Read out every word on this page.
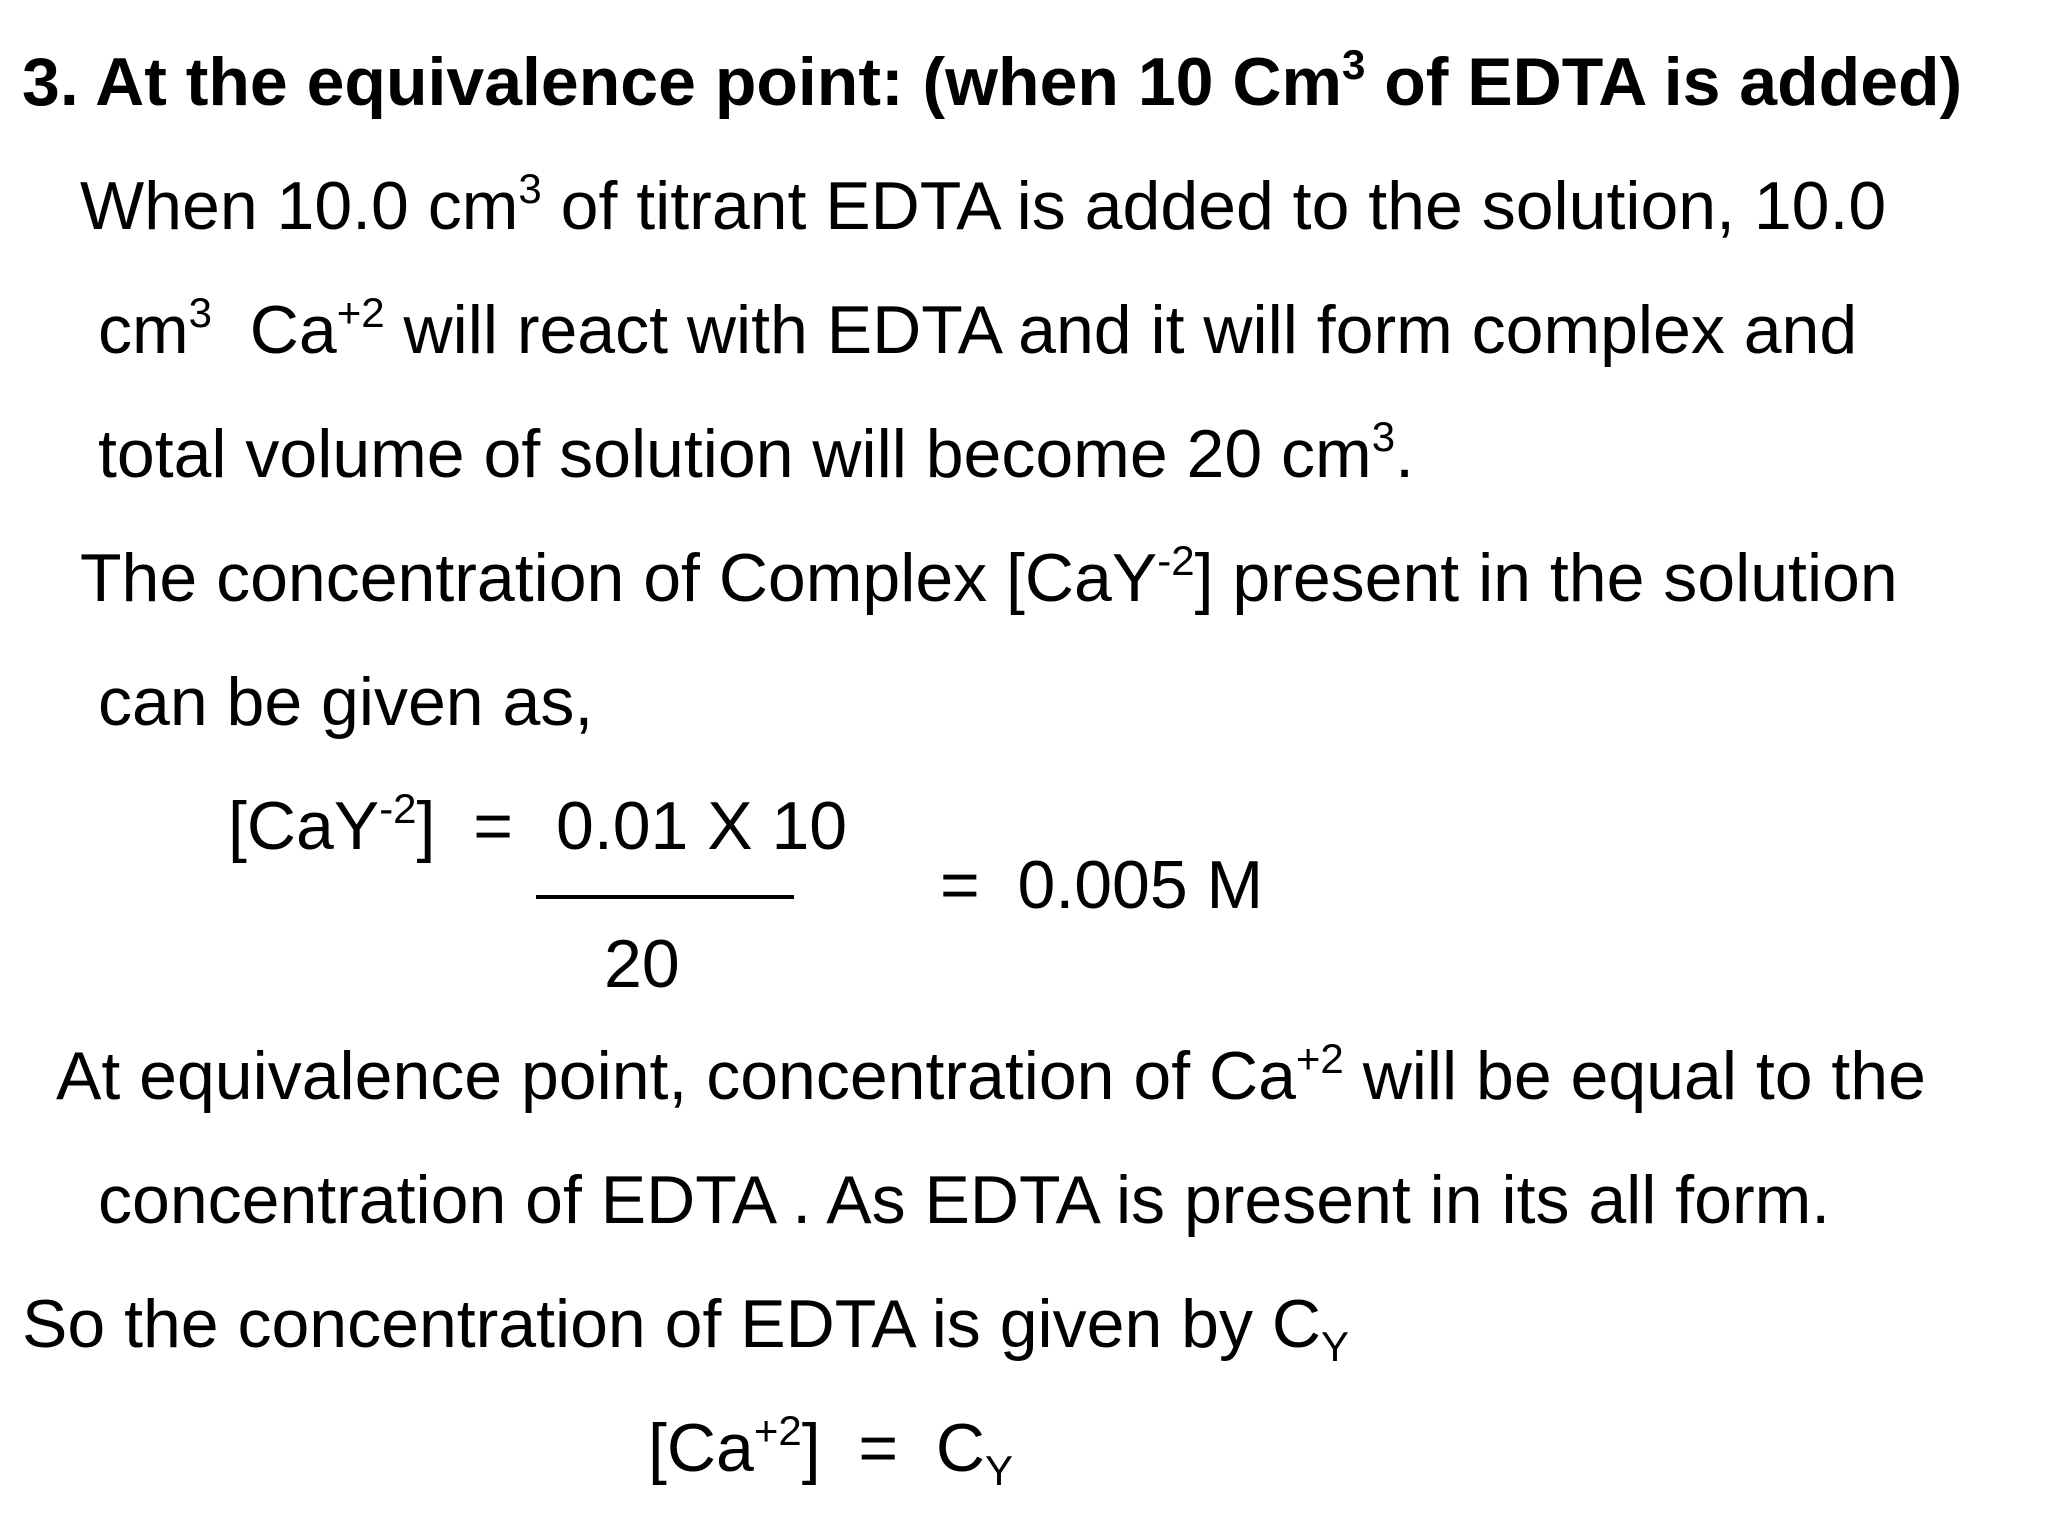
3. At the equivalence point: (when 10 Cm$^3$ of EDTA is added)
When 10.0 $cm^3$ of titrant EDTA is added to the solution, 10.0
$cm^3$  $Ca^{+2}$ will react with EDTA and it will form complex and
total volume of solution will become 20 $cm^3$.
The concentration of Complex [CaY$^{-2}$] present in the solution
can be given as,
[CaY$^{-2}$]  = 0.01 X 10
20
=  0.005 M
At equivalence point, concentration of $Ca^{+2}$ will be equal to the
concentration of EDTA . As EDTA is present in its all form.
So the concentration of EDTA is given by $C_Y$
$[Ca^{+2}] = C_Y$
